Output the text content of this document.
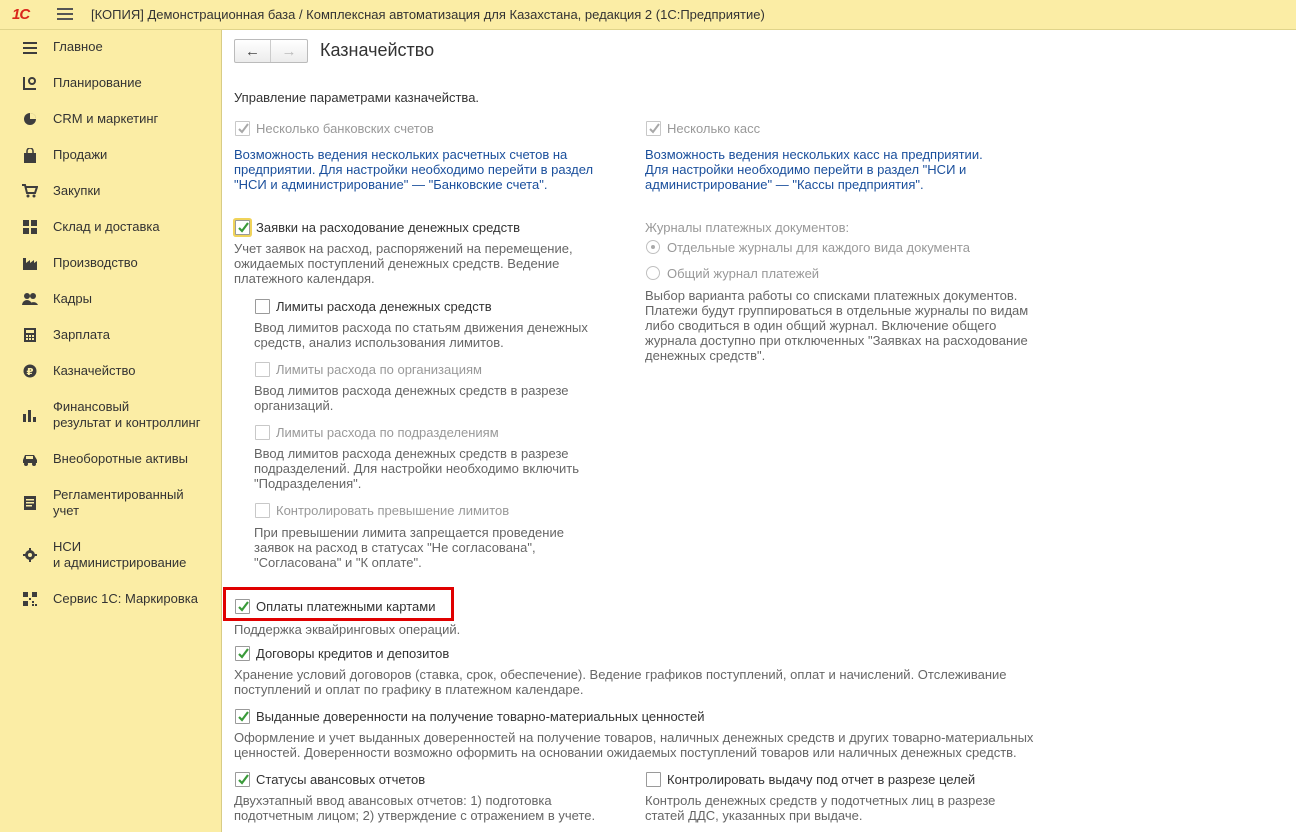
1С	[КОПИЯ] Демонстрационная база / Комплексная автоматизация для Казахстана, редакция 2 (1С:Предприятие)
Главное
Планирование
CRM и маркетинг
Продажи
Закупки
Склад и доставка
Производство
Кадры
Зарплата
₽ Казначейство
Финансовый
результат и контроллинг
Внеоборотные активы
Регламентированный
учет
НСИ
и администрирование
Сервис 1С: Маркировка
←	→	Казначейство
Управление параметрами казначейства.
Несколько банковских счетов
Возможность ведения нескольких расчетных счетов на
предприятии. Для настройки необходимо перейти в раздел
"НСИ и администрирование" — "Банковские счета".
Несколько касс
Возможность ведения нескольких касс на предприятии.
Для настройки необходимо перейти в раздел "НСИ и
администрирование" — "Кассы предприятия".
Заявки на расходование денежных средств
Учет заявок на расход, распоряжений на перемещение,
ожидаемых поступлений денежных средств. Ведение
платежного календаря.
Лимиты расхода денежных средств
Ввод лимитов расхода по статьям движения денежных
средств, анализ использования лимитов.
Лимиты расхода по организациям
Ввод лимитов расхода денежных средств в разрезе
организаций.
Лимиты расхода по подразделениям
Ввод лимитов расхода денежных средств в разрезе
подразделений. Для настройки необходимо включить
"Подразделения".
Контролировать превышение лимитов
При превышении лимита запрещается проведение
заявок на расход в статусах "Не согласована",
"Согласована" и "К оплате".
Журналы платежных документов:
Отдельные журналы для каждого вида документа
Общий журнал платежей
Выбор варианта работы со списками платежных документов.
Платежи будут группироваться в отдельные журналы по видам
либо сводиться в один общий журнал. Включение общего
журнала доступно при отключенных "Заявках на расходование
денежных средств".
Оплаты платежными картами
Поддержка эквайринговых операций.
Договоры кредитов и депозитов
Хранение условий договоров (ставка, срок, обеспечение). Ведение графиков поступлений, оплат и начислений. Отслеживание
поступлений и оплат по графику в платежном календаре.
Выданные доверенности на получение товарно-материальных ценностей
Оформление и учет выданных доверенностей на получение товаров, наличных денежных средств и других товарно-материальных
ценностей. Доверенности возможно оформить на основании ожидаемых поступлений товаров или наличных денежных средств.
Статусы авансовых отчетов
Двухэтапный ввод авансовых отчетов: 1) подготовка
подотчетным лицом; 2) утверждение с отражением в учете.
Контролировать выдачу под отчет в разрезе целей
Контроль денежных средств у подотчетных лиц в разрезе
статей ДДС, указанных при выдаче.
